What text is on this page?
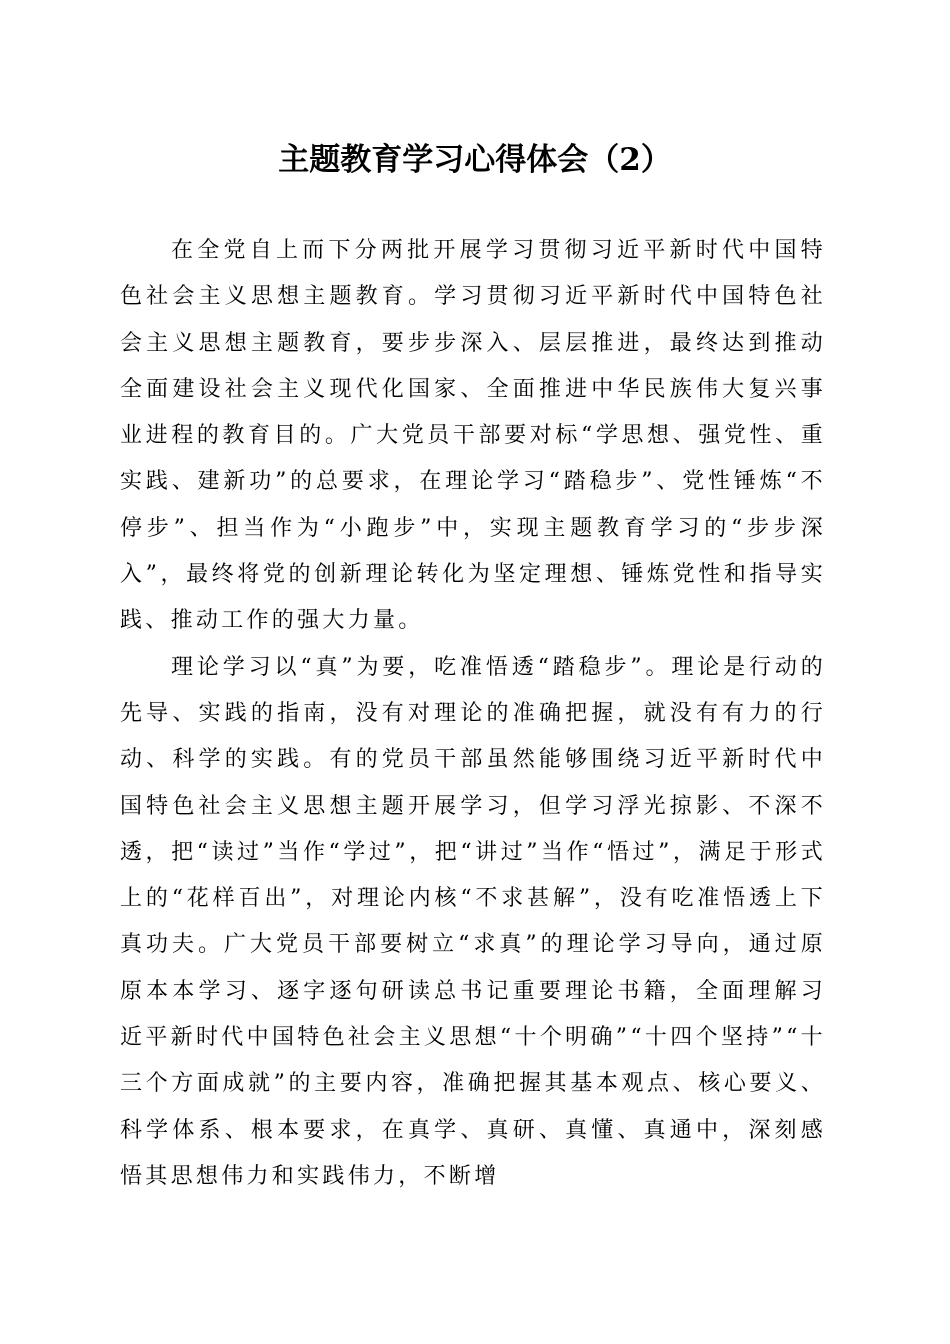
主题教育学习心得体会（2）

在全党自上而下分两批开展学习贯彻习近平新时代中国特色社会主义思想主题教育。学习贯彻习近平新时代中国特色社会主义思想主题教育，要步步深入、层层推进，最终达到推动全面建设社会主义现代化国家、全面推进中华民族伟大复兴事业进程的教育目的。广大党员干部要对标“学思想、强党性、重实践、建新功”的总要求，在理论学习“踏稳步”、党性锤炼“不停步”、担当作为“小跑步”中，实现主题教育学习的“步步深入”，最终将党的创新理论转化为坚定理想、锤炼党性和指导实践、推动工作的强大力量。

理论学习以“真”为要，吃准悟透“踏稳步”。理论是行动的先导、实践的指南，没有对理论的准确把握，就没有有力的行动、科学的实践。有的党员干部虽然能够围绕习近平新时代中国特色社会主义思想主题开展学习，但学习浮光掠影、不深不透，把“读过”当作“学过”，把“讲过”当作“悟过”，满足于形式上的“花样百出”，对理论内核“不求甚解”，没有吃准悟透上下真功夫。广大党员干部要树立“求真”的理论学习导向，通过原原本本学习、逐字逐句研读总书记重要理论书籍，全面理解习近平新时代中国特色社会主义思想“十个明确”“十四个坚持”“十三个方面成就”的主要内容，准确把握其基本观点、核心要义、科学体系、根本要求，在真学、真研、真懂、真通中，深刻感悟其思想伟力和实践伟力，不断增
